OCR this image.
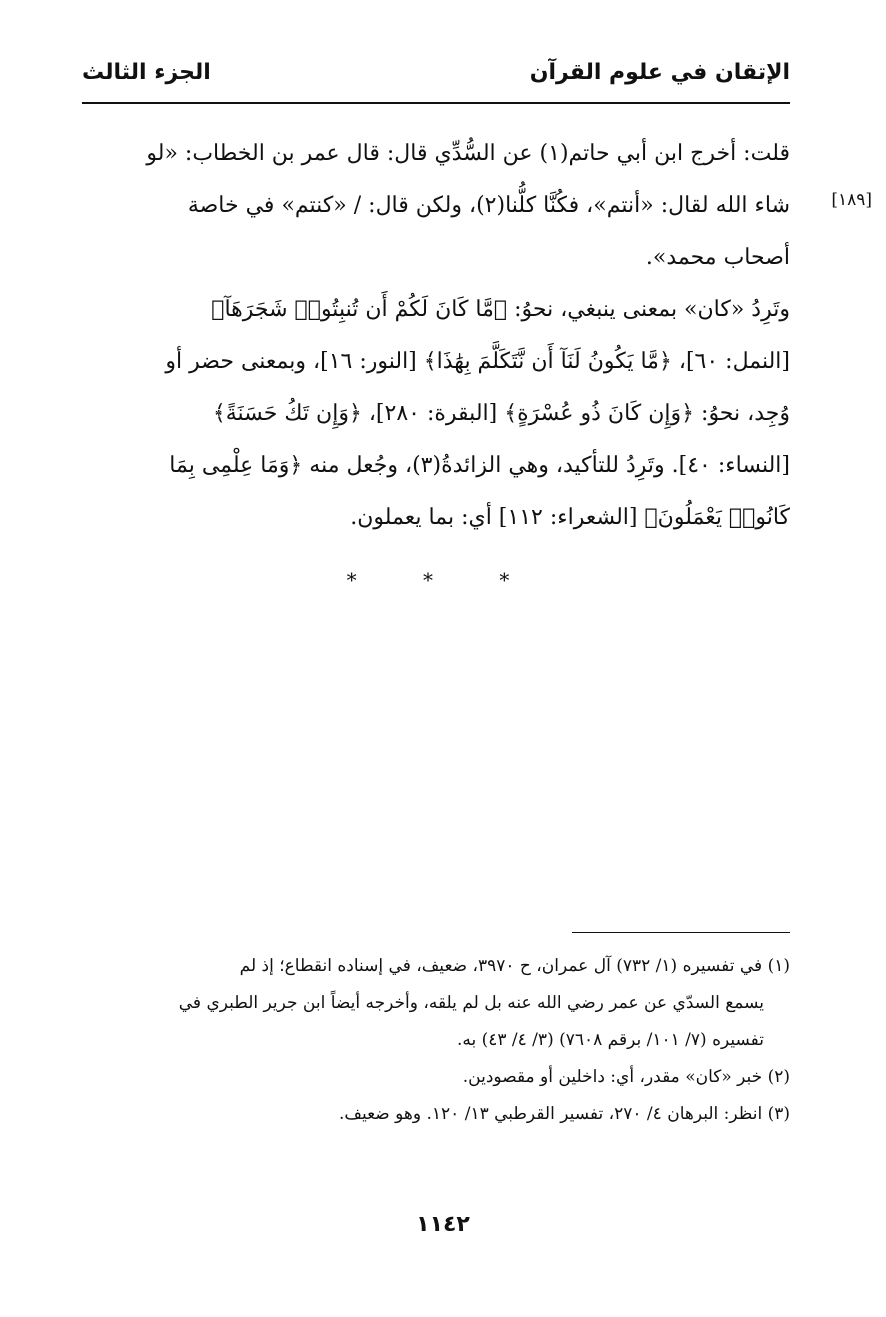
الإتقان في علوم القرآن
الجزء الثالث
[١٨٩]
قلت: أخرج ابن أبي حاتم(١) عن السُّدِّي قال: قال عمر بن الخطاب: «لو
شاء الله لقال: «أنتم»، فكُنَّا كلُّنا(٢)، ولكن قال: / «كنتم» في خاصة
أصحاب محمد».
وتَرِدُ «كان» بمعنى ينبغي، نحوُ: ﴿مَّا كَانَ لَكُمْ أَن تُنبِتُوا۟ شَجَرَهَآ﴾
[النمل: ٦٠]، ﴿مَّا يَكُونُ لَنَآ أَن نَّتَكَلَّمَ بِهَٰذَا﴾ [النور: ١٦]، وبمعنى حضر أو
وُجِد، نحوُ: ﴿وَإِن كَانَ ذُو عُسْرَةٍ﴾ [البقرة: ٢٨٠]، ﴿وَإِن تَكُ حَسَنَةً﴾
[النساء: ٤٠]. وتَرِدُ للتأكيد، وهي الزائدةُ(٣)، وجُعل منه ﴿وَمَا عِلْمِى بِمَا
كَانُوا۟ يَعْمَلُونَ﴾ [الشعراء: ١١٢] أي: بما يعملون.
* * *
(١) في تفسيره (١/ ٧٣٢) آل عمران، ح ٣٩٧٠، ضعيف، في إسناده انقطاع؛ إذ لم
يسمع السدّي عن عمر رضي الله عنه بل لم يلقه، وأخرجه أيضاً ابن جرير الطبري في
تفسيره (٧/ ١٠١/ برقم ٧٦٠٨) (٣/ ٤/ ٤٣) به.
(٢) خبر «كان» مقدر، أي: داخلين أو مقصودين.
(٣) انظر: البرهان ٤/ ٢٧٠، تفسير القرطبي ١٣/ ١٢٠. وهو ضعيف.
١١٤٢
